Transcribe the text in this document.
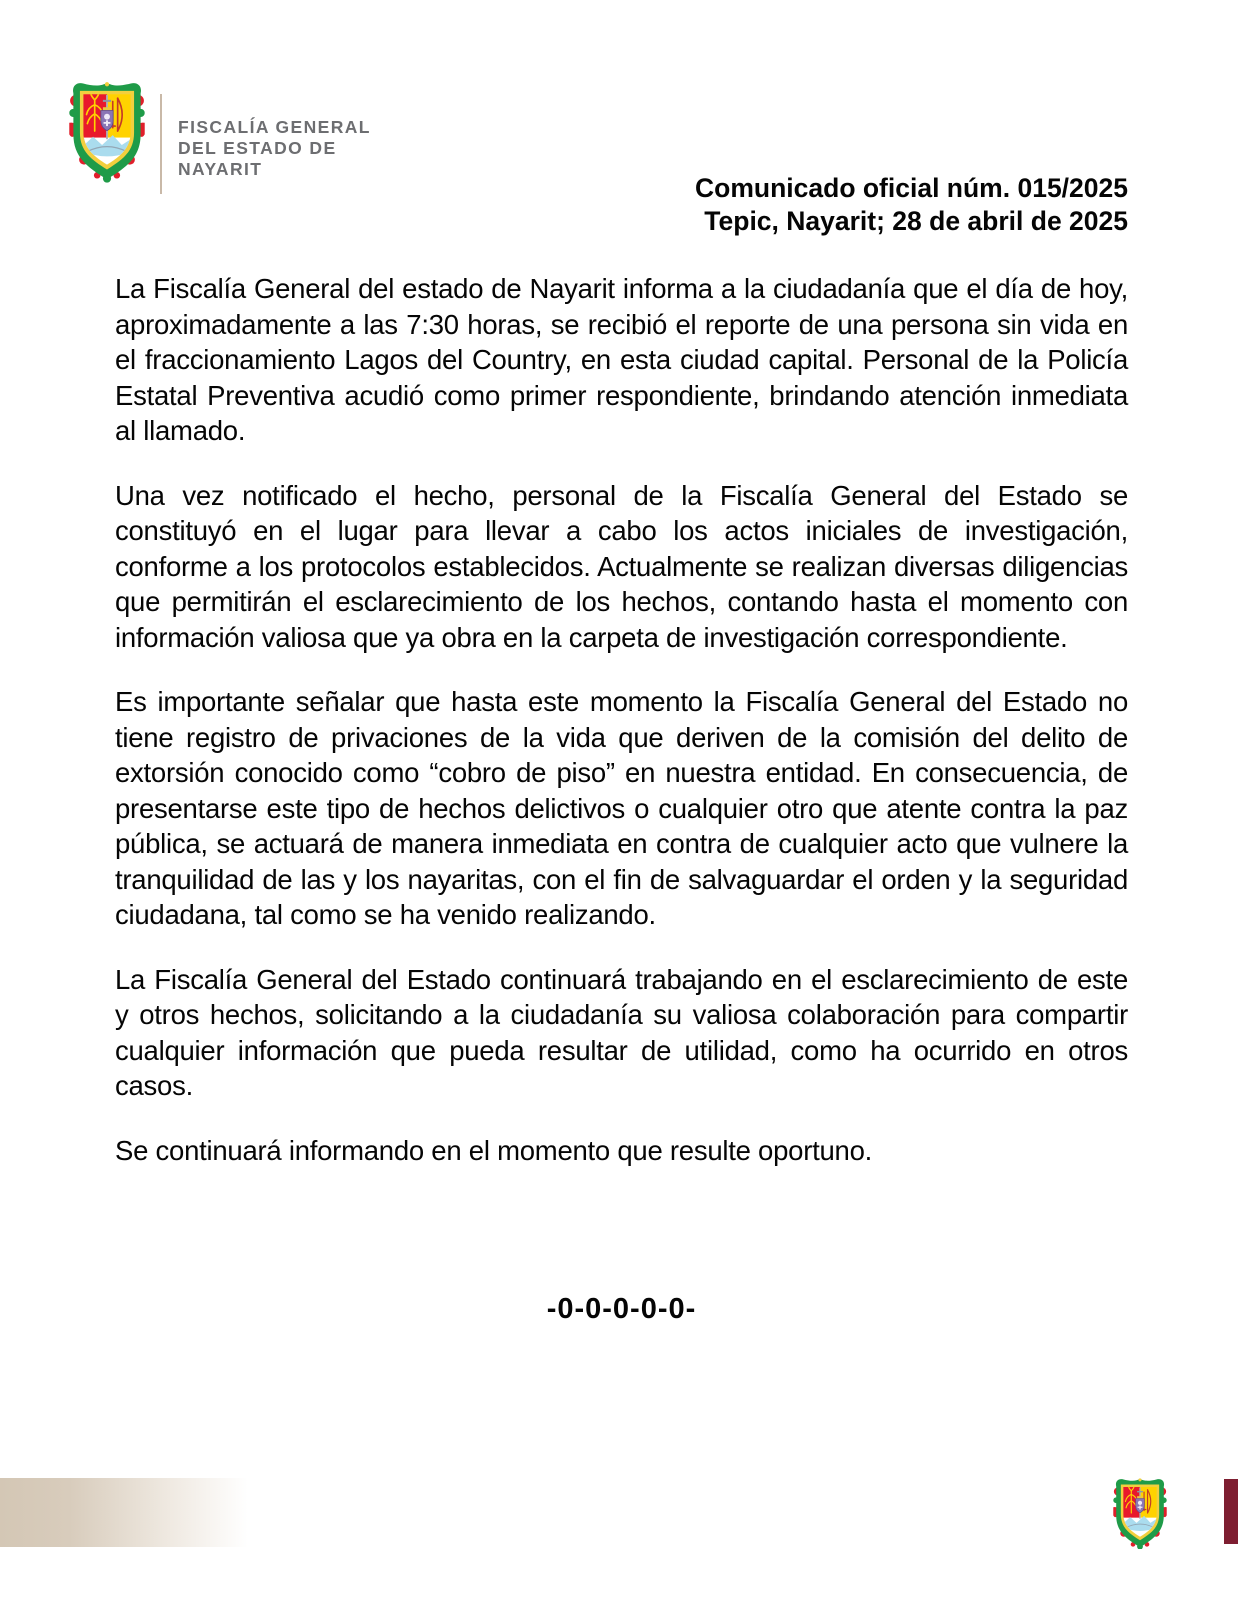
FISCALÍA GENERAL
DEL ESTADO DE
NAYARIT
Comunicado oficial núm. 015/2025
Tepic, Nayarit; 28 de abril de 2025

La Fiscalía General del estado de Nayarit informa a la ciudadanía que el día de hoy, aproximadamente a las 7:30 horas, se recibió el reporte de una persona sin vida en el fraccionamiento Lagos del Country, en esta ciudad capital. Personal de la Policía Estatal Preventiva acudió como primer respondiente, brindando atención inmediata al llamado.

Una vez notificado el hecho, personal de la Fiscalía General del Estado se constituyó en el lugar para llevar a cabo los actos iniciales de investigación, conforme a los protocolos establecidos. Actualmente se realizan diversas diligencias que permitirán el esclarecimiento de los hechos, contando hasta el momento con información valiosa que ya obra en la carpeta de investigación correspondiente.

Es importante señalar que hasta este momento la Fiscalía General del Estado no tiene registro de privaciones de la vida que deriven de la comisión del delito de extorsión conocido como “cobro de piso” en nuestra entidad. En consecuencia, de presentarse este tipo de hechos delictivos o cualquier otro que atente contra la paz pública, se actuará de manera inmediata en contra de cualquier acto que vulnere la tranquilidad de las y los nayaritas, con el fin de salvaguardar el orden y la seguridad ciudadana, tal como se ha venido realizando.

La Fiscalía General del Estado continuará trabajando en el esclarecimiento de este y otros hechos, solicitando a la ciudadanía su valiosa colaboración para compartir cualquier información que pueda resultar de utilidad, como ha ocurrido en otros casos.

Se continuará informando en el momento que resulte oportuno.

-0-0-0-0-0-
